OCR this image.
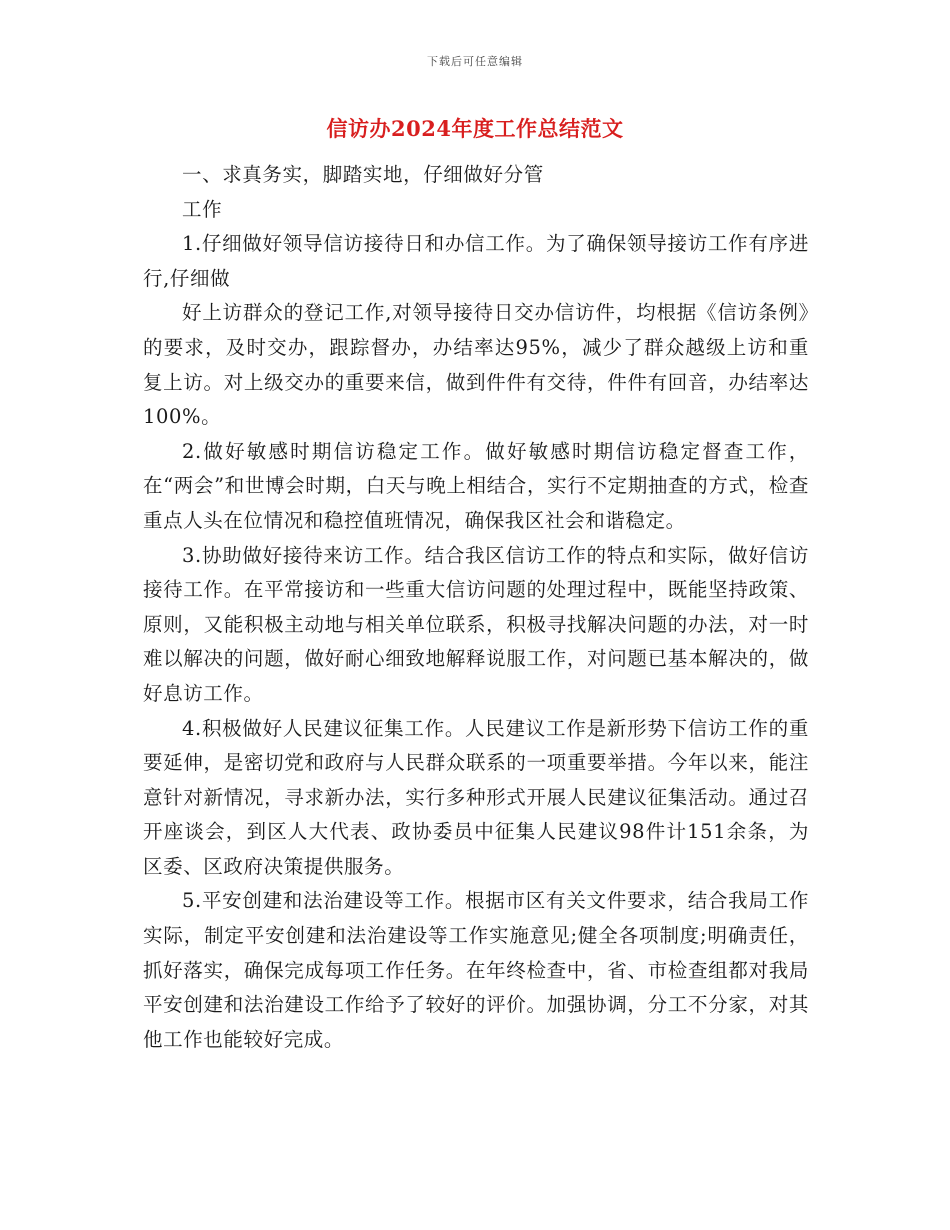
下载后可任意编辑
信访办2024年度工作总结范文

一、求真务实，脚踏实地，仔细做好分管

工作

1.仔细做好领导信访接待日和办信工作。为了确保领导接访工作有序进行,仔细做

好上访群众的登记工作,对领导接待日交办信访件，均根据《信访条例》的要求，及时交办，跟踪督办，办结率达95%，减少了群众越级上访和重复上访。对上级交办的重要来信，做到件件有交待，件件有回音，办结率达100%。

2.做好敏感时期信访稳定工作。做好敏感时期信访稳定督查工作，在“两会”和世博会时期，白天与晚上相结合，实行不定期抽查的方式，检查重点人头在位情况和稳控值班情况，确保我区社会和谐稳定。

3.协助做好接待来访工作。结合我区信访工作的特点和实际，做好信访接待工作。在平常接访和一些重大信访问题的处理过程中，既能坚持政策、原则，又能积极主动地与相关单位联系，积极寻找解决问题的办法，对一时难以解决的问题，做好耐心细致地解释说服工作，对问题已基本解决的，做好息访工作。

4.积极做好人民建议征集工作。人民建议工作是新形势下信访工作的重要延伸，是密切党和政府与人民群众联系的一项重要举措。今年以来，能注意针对新情况，寻求新办法，实行多种形式开展人民建议征集活动。通过召开座谈会，到区人大代表、政协委员中征集人民建议98件计151余条，为区委、区政府决策提供服务。

5.平安创建和法治建设等工作。根据市区有关文件要求，结合我局工作实际，制定平安创建和法治建设等工作实施意见;健全各项制度;明确责任，抓好落实，确保完成每项工作任务。在年终检查中，省、市检查组都对我局平安创建和法治建设工作给予了较好的评价。加强协调，分工不分家，对其他工作也能较好完成。
